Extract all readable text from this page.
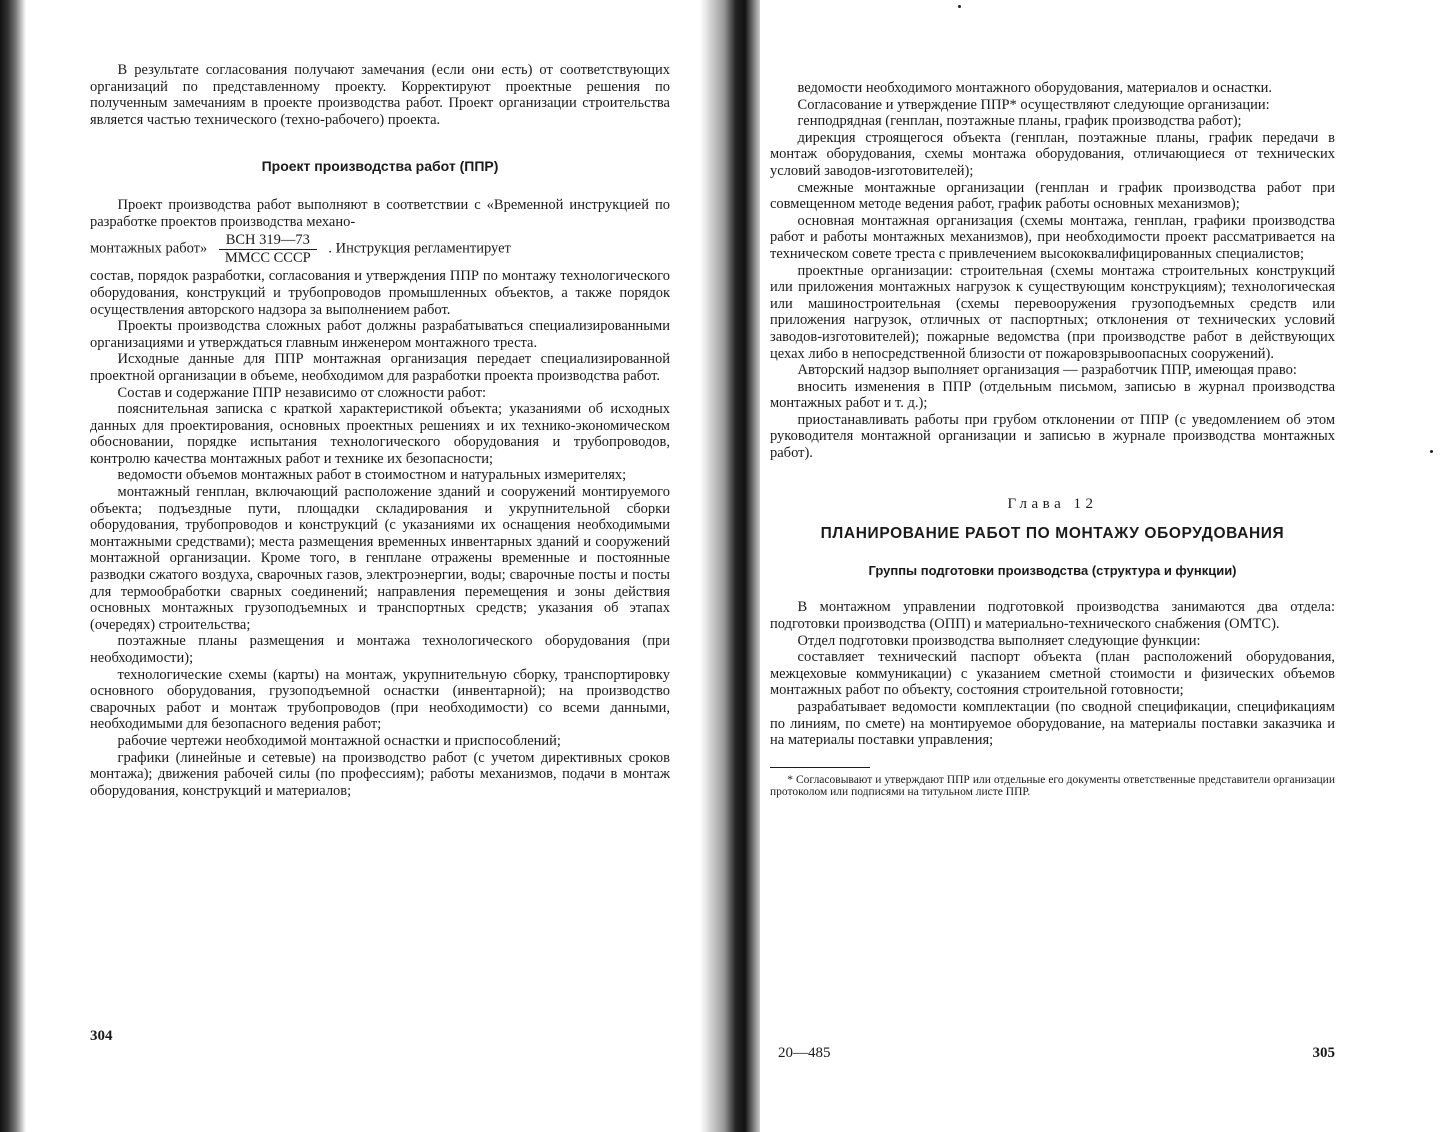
В результате согласования получают замечания (если они есть) от соответствующих организаций по представленному проекту. Корректируют проектные решения по полученным замечаниям в проекте производства работ. Проект организации строительства является частью технического (техно-рабочего) проекта.

Проект производства работ (ППР)

Проект производства работ выполняют в соответствии с «Временной инструкцией по разработке проектов производства механо-

монтажных работ» $\frac{\text{ВСН 319—73}}{\text{ММСС СССР}}$ . Инструкция регламентирует

состав, порядок разработки, согласования и утверждения ППР по монтажу технологического оборудования, конструкций и трубопроводов промышленных объектов, а также порядок осуществления авторского надзора за выполнением работ.

Проекты производства сложных работ должны разрабатываться специализированными организациями и утверждаться главным инженером монтажного треста.

Исходные данные для ППР монтажная организация передает специализированной проектной организации в объеме, необходимом для разработки проекта производства работ.

Состав и содержание ППР независимо от сложности работ:

пояснительная записка с краткой характеристикой объекта; указаниями об исходных данных для проектирования, основных проектных решениях и их технико-экономическом обосновании, порядке испытания технологического оборудования и трубопроводов, контролю качества монтажных работ и технике их безопасности;

ведомости объемов монтажных работ в стоимостном и натуральных измерителях;

монтажный генплан, включающий расположение зданий и сооружений монтируемого объекта; подъездные пути, площадки складирования и укрупнительной сборки оборудования, трубопроводов и конструкций (с указаниями их оснащения необходимыми монтажными средствами); места размещения временных инвентарных зданий и сооружений монтажной организации. Кроме того, в генплане отражены временные и постоянные разводки сжатого воздуха, сварочных газов, электроэнергии, воды; сварочные посты и посты для термообработки сварных соединений; направления перемещения и зоны действия основных монтажных грузоподъемных и транспортных средств; указания об этапах (очередях) строительства;

поэтажные планы размещения и монтажа технологического оборудования (при необходимости);

технологические схемы (карты) на монтаж, укрупнительную сборку, транспортировку основного оборудования, грузоподъемной оснастки (инвентарной); на производство сварочных работ и монтаж трубопроводов (при необходимости) со всеми данными, необходимыми для безопасного ведения работ;

рабочие чертежи необходимой монтажной оснастки и приспособлений;

графики (линейные и сетевые) на производство работ (с учетом директивных сроков монтажа); движения рабочей силы (по профессиям); работы механизмов, подачи в монтаж оборудования, конструкций и материалов;

304

ведомости необходимого монтажного оборудования, материалов и оснастки.

Согласование и утверждение ППР* осуществляют следующие организации:

генподрядная (генплан, поэтажные планы, график производства работ);

дирекция строящегося объекта (генплан, поэтажные планы, график передачи в монтаж оборудования, схемы монтажа оборудования, отличающиеся от технических условий заводов-изготовителей);

смежные монтажные организации (генплан и график производства работ при совмещенном методе ведения работ, график работы основных механизмов);

основная монтажная организация (схемы монтажа, генплан, графики производства работ и работы монтажных механизмов), при необходимости проект рассматривается на техническом совете треста с привлечением высококвалифицированных специалистов;

проектные организации: строительная (схемы монтажа строительных конструкций или приложения монтажных нагрузок к существующим конструкциям); технологическая или машиностроительная (схемы перевооружения грузоподъемных средств или приложения нагрузок, отличных от паспортных; отклонения от технических условий заводов-изготовителей); пожарные ведомства (при производстве работ в действующих цехах либо в непосредственной близости от пожаровзрывоопасных сооружений).

Авторский надзор выполняет организация — разработчик ППР, имеющая право:

вносить изменения в ППР (отдельным письмом, записью в журнал производства монтажных работ и т. д.);

приостанавливать работы при грубом отклонении от ППР (с уведомлением об этом руководителя монтажной организации и записью в журнале производства монтажных работ).

Глава 12
ПЛАНИРОВАНИЕ РАБОТ ПО МОНТАЖУ ОБОРУДОВАНИЯ
Группы подготовки производства (структура и функции)

В монтажном управлении подготовкой производства занимаются два отдела: подготовки производства (ОПП) и материально-технического снабжения (ОМТС).

Отдел подготовки производства выполняет следующие функции:

составляет технический паспорт объекта (план расположений оборудования, межцеховые коммуникации) с указанием сметной стоимости и физических объемов монтажных работ по объекту, состояния строительной готовности;

разрабатывает ведомости комплектации (по сводной спецификации, спецификациям по линиям, по смете) на монтируемое оборудование, на материалы поставки заказчика и на материалы поставки управления;

* Согласовывают и утверждают ППР или отдельные его документы ответственные представители организации протоколом или подписями на титульном листе ППР.

20—485	305
